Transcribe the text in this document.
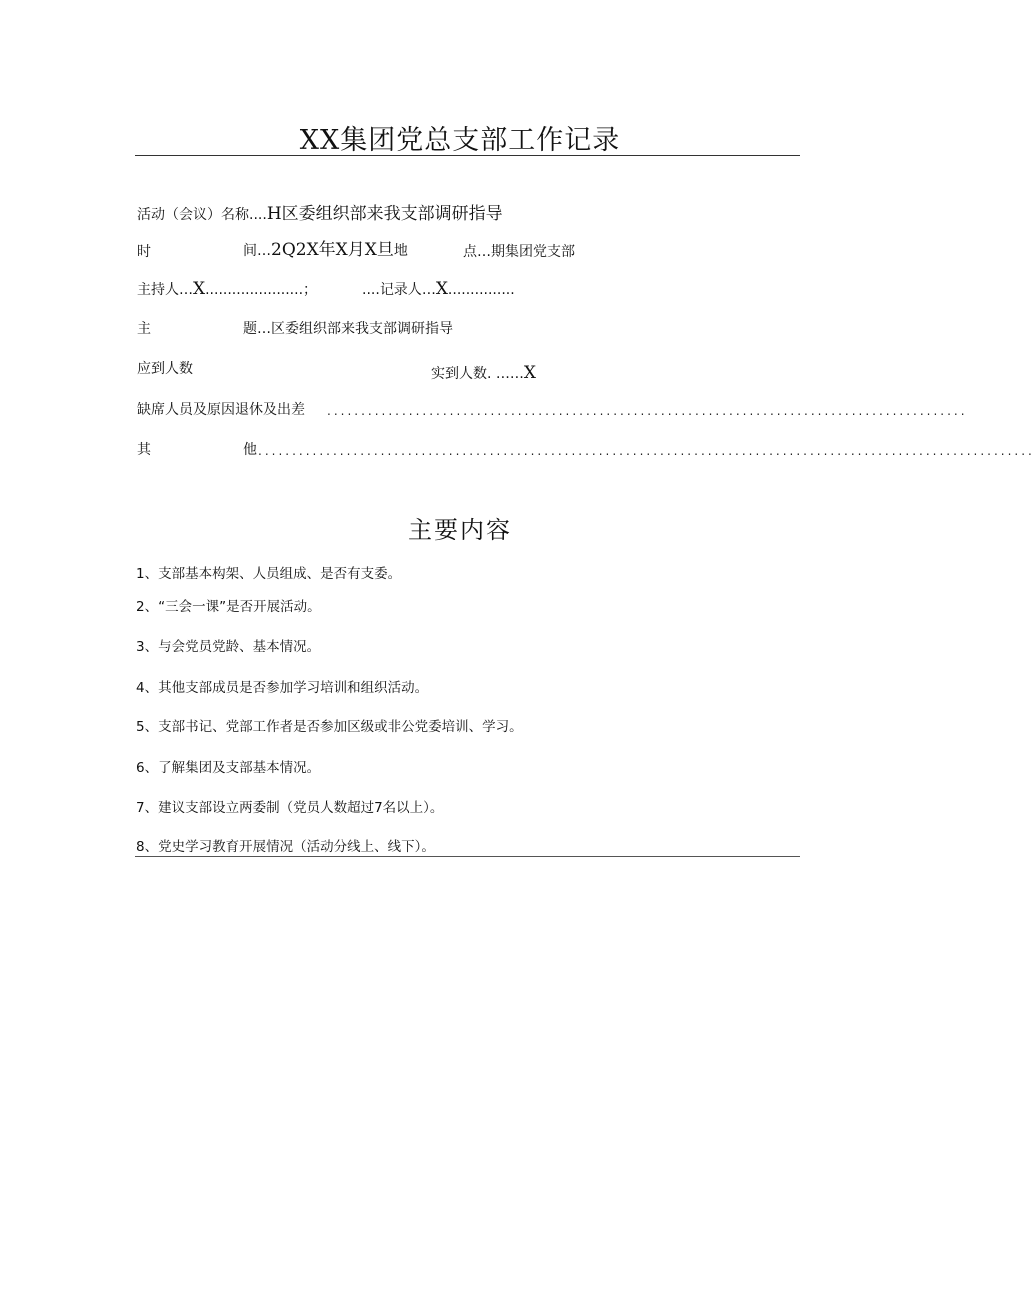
XX集团党总支部工作记录
活动（会议）名称....H区委组织部来我支部调研指导
时	间…2Q2X年X月X旦地	点…期集团党支部
主持人…X......................；	....记录人…X...............
主	题…区委组织部来我支部调研指导
应到人数	实到人数. ……X
缺席人员及原因退休及出差 ..............................................................................................
其	他 ..................................................................................................................
主要内容
1、支部基本构架、人员组成、是否有支委。
2、“三会一课”是否开展活动。
3、与会党员党龄、基本情况。
4、其他支部成员是否参加学习培训和组织活动。
5、支部书记、党部工作者是否参加区级或非公党委培训、学习。
6、了解集团及支部基本情况。
7、建议支部设立两委制（党员人数超过7名以上）。
8、党史学习教育开展情况（活动分线上、线下）。
